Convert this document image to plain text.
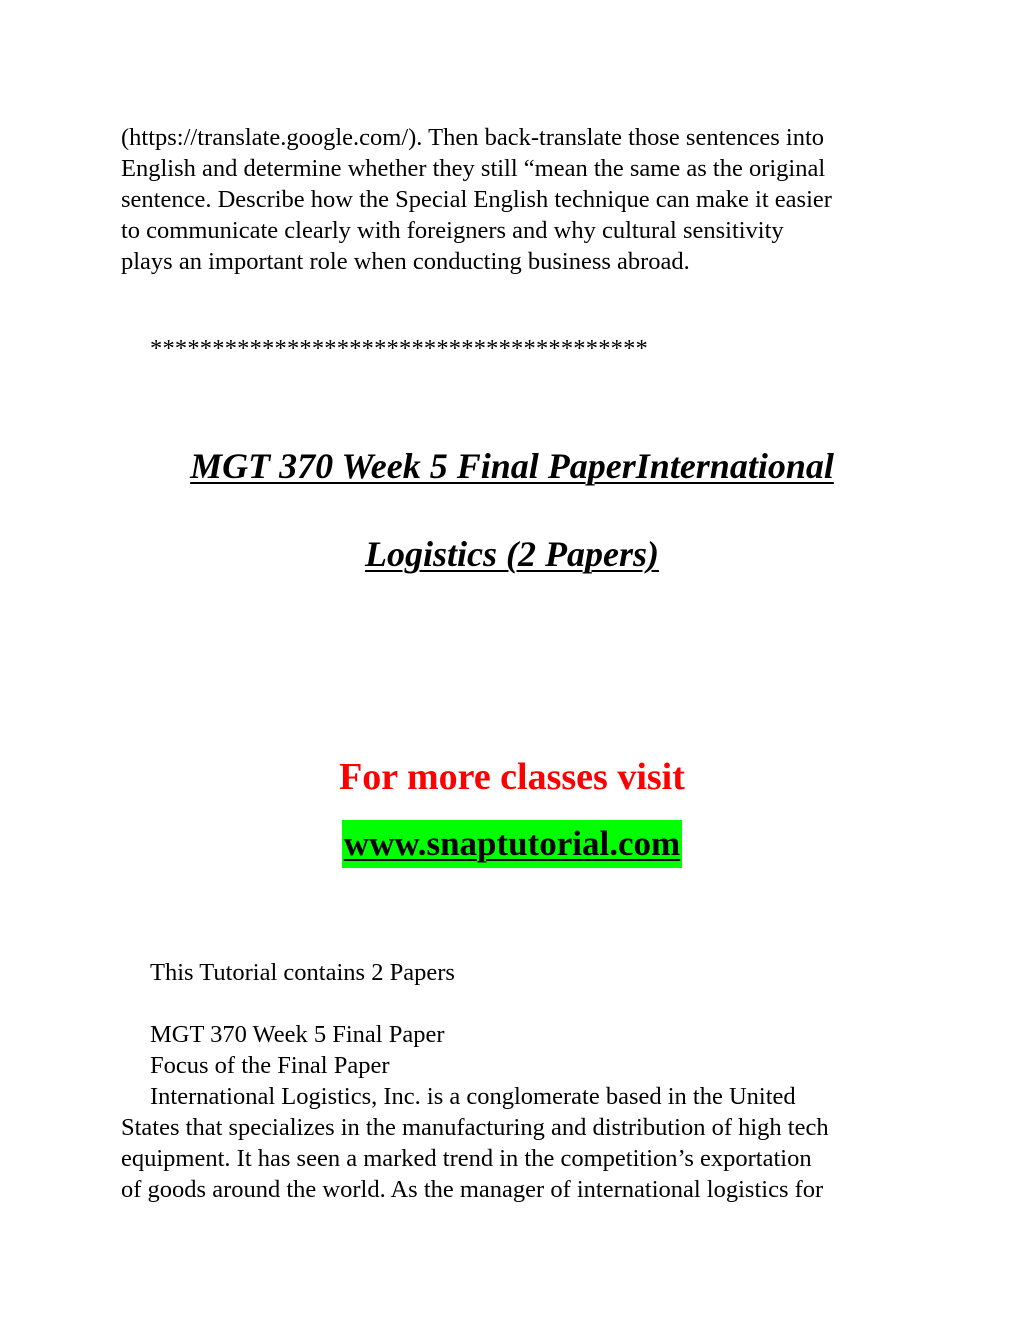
(https://translate.google.com/). Then back-translate those sentences into
English and determine whether they still “mean the same as the original
sentence. Describe how the Special English technique can make it easier
to communicate clearly with foreigners and why cultural sensitivity
plays an important role when conducting business abroad.

****************************************
MGT 370 Week 5 Final PaperInternational
Logistics (2 Papers)
For more classes visit
www.snaptutorial.com

This Tutorial contains 2 Papers

MGT 370 Week 5 Final Paper

Focus of the Final Paper

International Logistics, Inc. is a conglomerate based in the United
States that specializes in the manufacturing and distribution of high tech
equipment. It has seen a marked trend in the competition’s exportation
of goods around the world. As the manager of international logistics for
